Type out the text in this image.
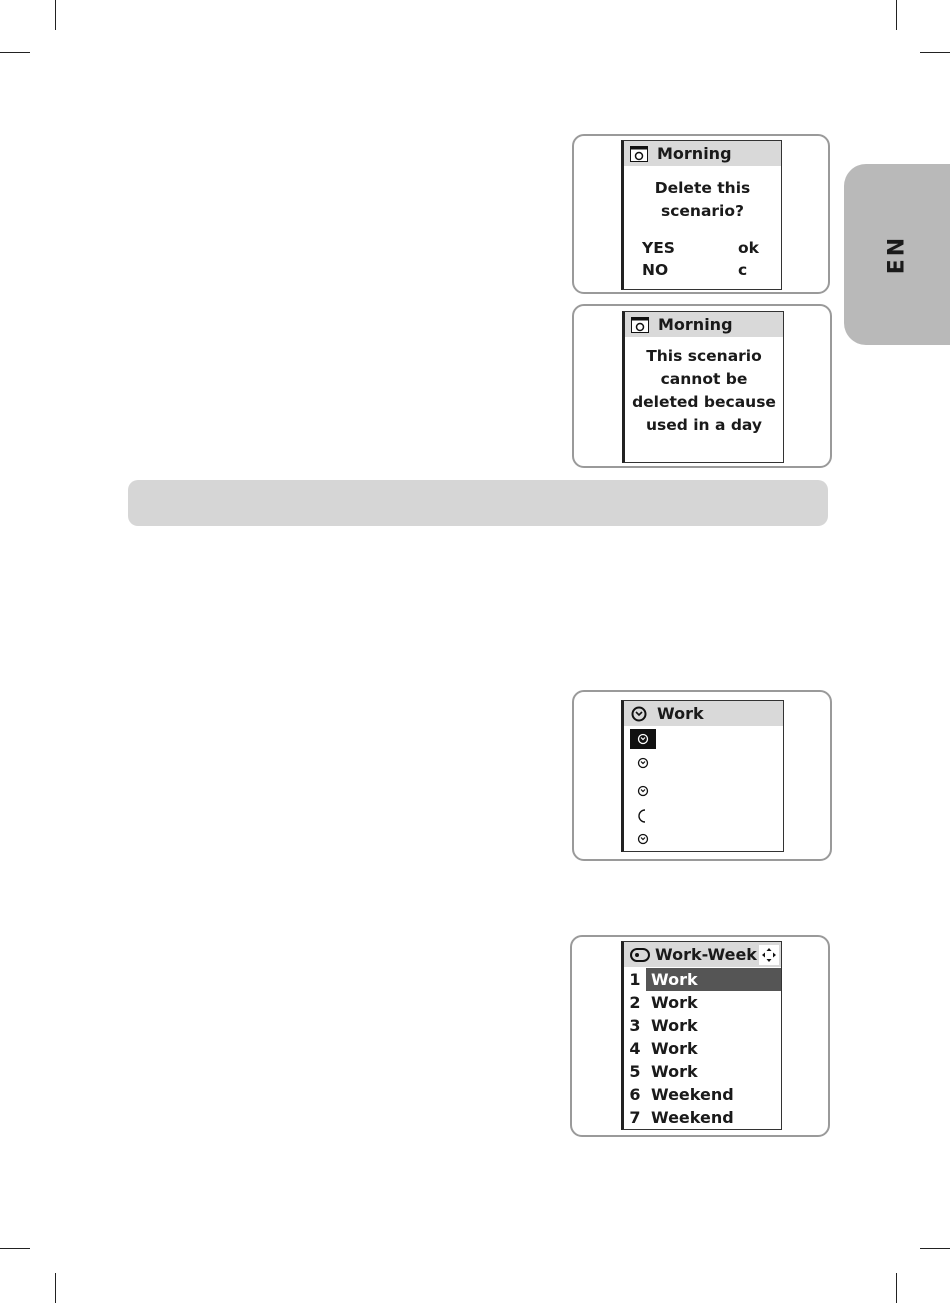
EN
Morning
Delete this
scenario?
YES	ok
NO	c
Morning
This scenario
cannot be
deleted because
used in a day
Work
Work-Week
1 Work
2 Work
3 Work
4 Work
5 Work
6 Weekend
7 Weekend
